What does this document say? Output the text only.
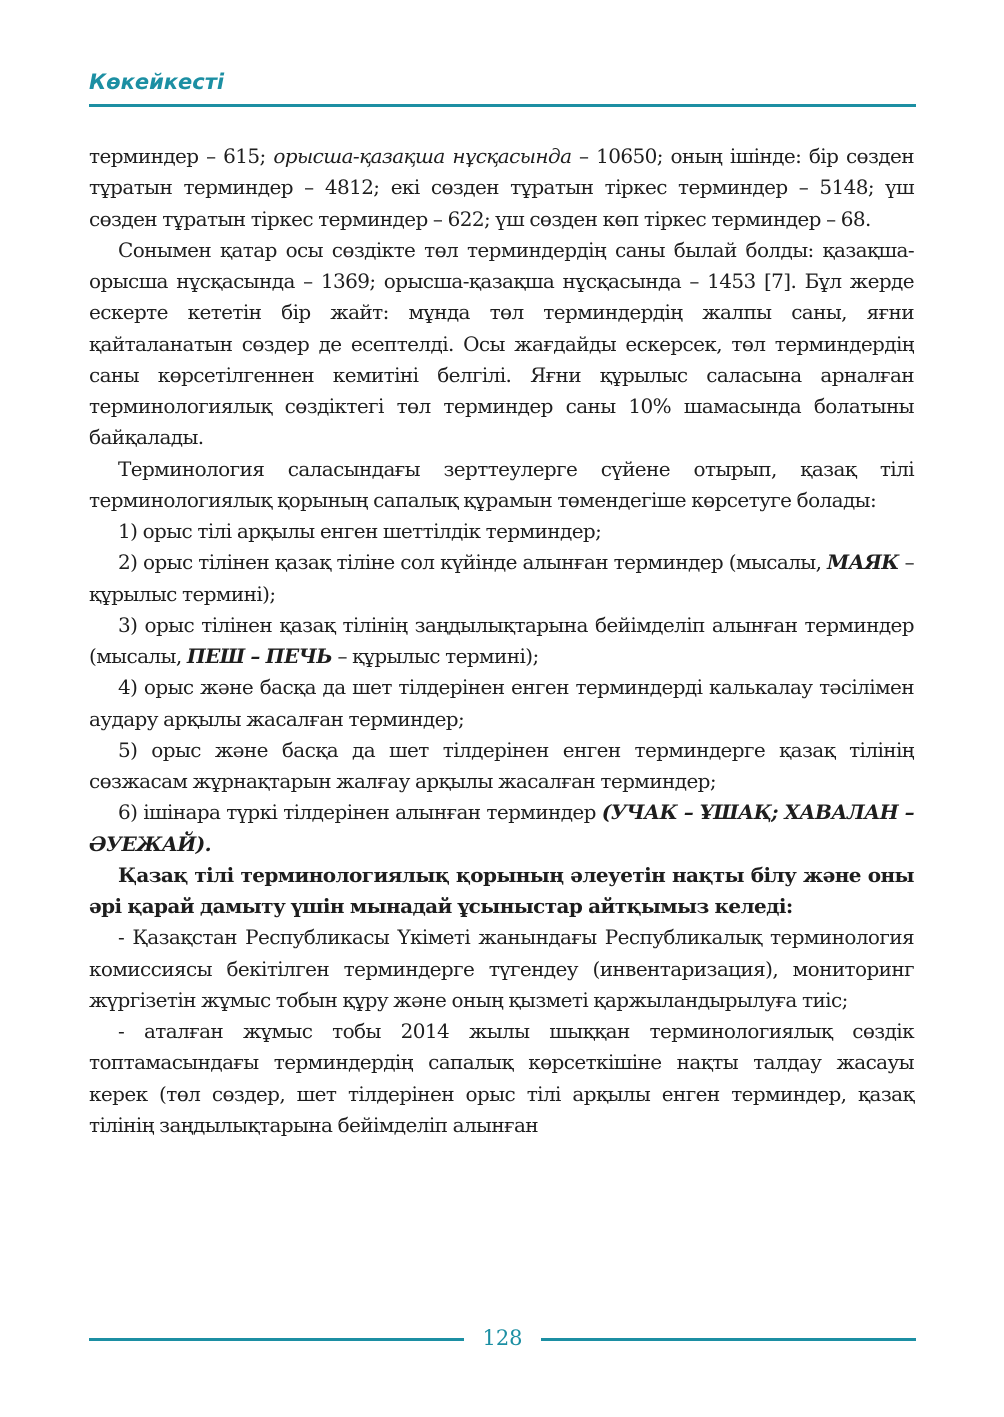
Көкейкесті

терминдер – 615; орысша-қазақша нұсқасында – 10650; оның ішінде: бір сөзден тұратын терминдер – 4812; екі сөзден тұратын тіркес терминдер – 5148; үш сөзден тұратын тіркес терминдер – 622; үш сөзден көп тіркес терминдер – 68.

Сонымен қатар осы сөздікте төл терминдердің саны былай болды: қазақша-орысша нұсқасында – 1369; орысша-қазақша нұсқасында – 1453 [7]. Бұл жерде ескерте кететін бір жайт: мұнда төл терминдердің жалпы саны, яғни қайталанатын сөздер де есептелді. Осы жағдайды ескерсек, төл терминдердің саны көрсетілгеннен кемитіні белгілі. Яғни құрылыс саласына арналған терминологиялық сөздіктегі төл терминдер саны 10% шамасында болатыны байқалады.

Терминология саласындағы зерттеулерге сүйене отырып, қазақ тілі терминологиялық қорының сапалық құрамын төмендегіше көрсетуге болады:

1) орыс тілі арқылы енген шеттілдік терминдер;

2) орыс тілінен қазақ тіліне сол күйінде алынған терминдер (мысалы, МАЯК – құрылыс термині);

3) орыс тілінен қазақ тілінің заңдылықтарына бейімделіп алынған терминдер (мысалы, ПЕШ – ПЕЧЬ – құрылыс термині);

4) орыс және басқа да шет тілдерінен енген терминдерді калькалау тәсілімен аудару арқылы жасалған терминдер;

5) орыс және басқа да шет тілдерінен енген терминдерге қазақ тілінің сөзжасам жұрнақтарын жалғау арқылы жасалған терминдер;

6) ішінара түркі тілдерінен алынған терминдер (УЧАК – ҰШАҚ; ХАВАЛАН – ӘУЕЖАЙ).

Қазақ тілі терминологиялық қорының әлеуетін нақты білу және оны әрі қарай дамыту үшін мынадай ұсыныстар айтқымыз келеді:

- Қазақстан Республикасы Үкіметі жанындағы Республикалық терминология комиссиясы бекітілген терминдерге түгендеу (инвентаризация), мониторинг жүргізетін жұмыс тобын құру және оның қызметі қаржыландырылуға тиіс;

- аталған жұмыс тобы 2014 жылы шыққан терминологиялық сөздік топтамасындағы терминдердің сапалық көрсеткішіне нақты талдау жасауы керек (төл сөздер, шет тілдерінен орыс тілі арқылы енген терминдер, қазақ тілінің заңдылықтарына бейімделіп алынған

128
